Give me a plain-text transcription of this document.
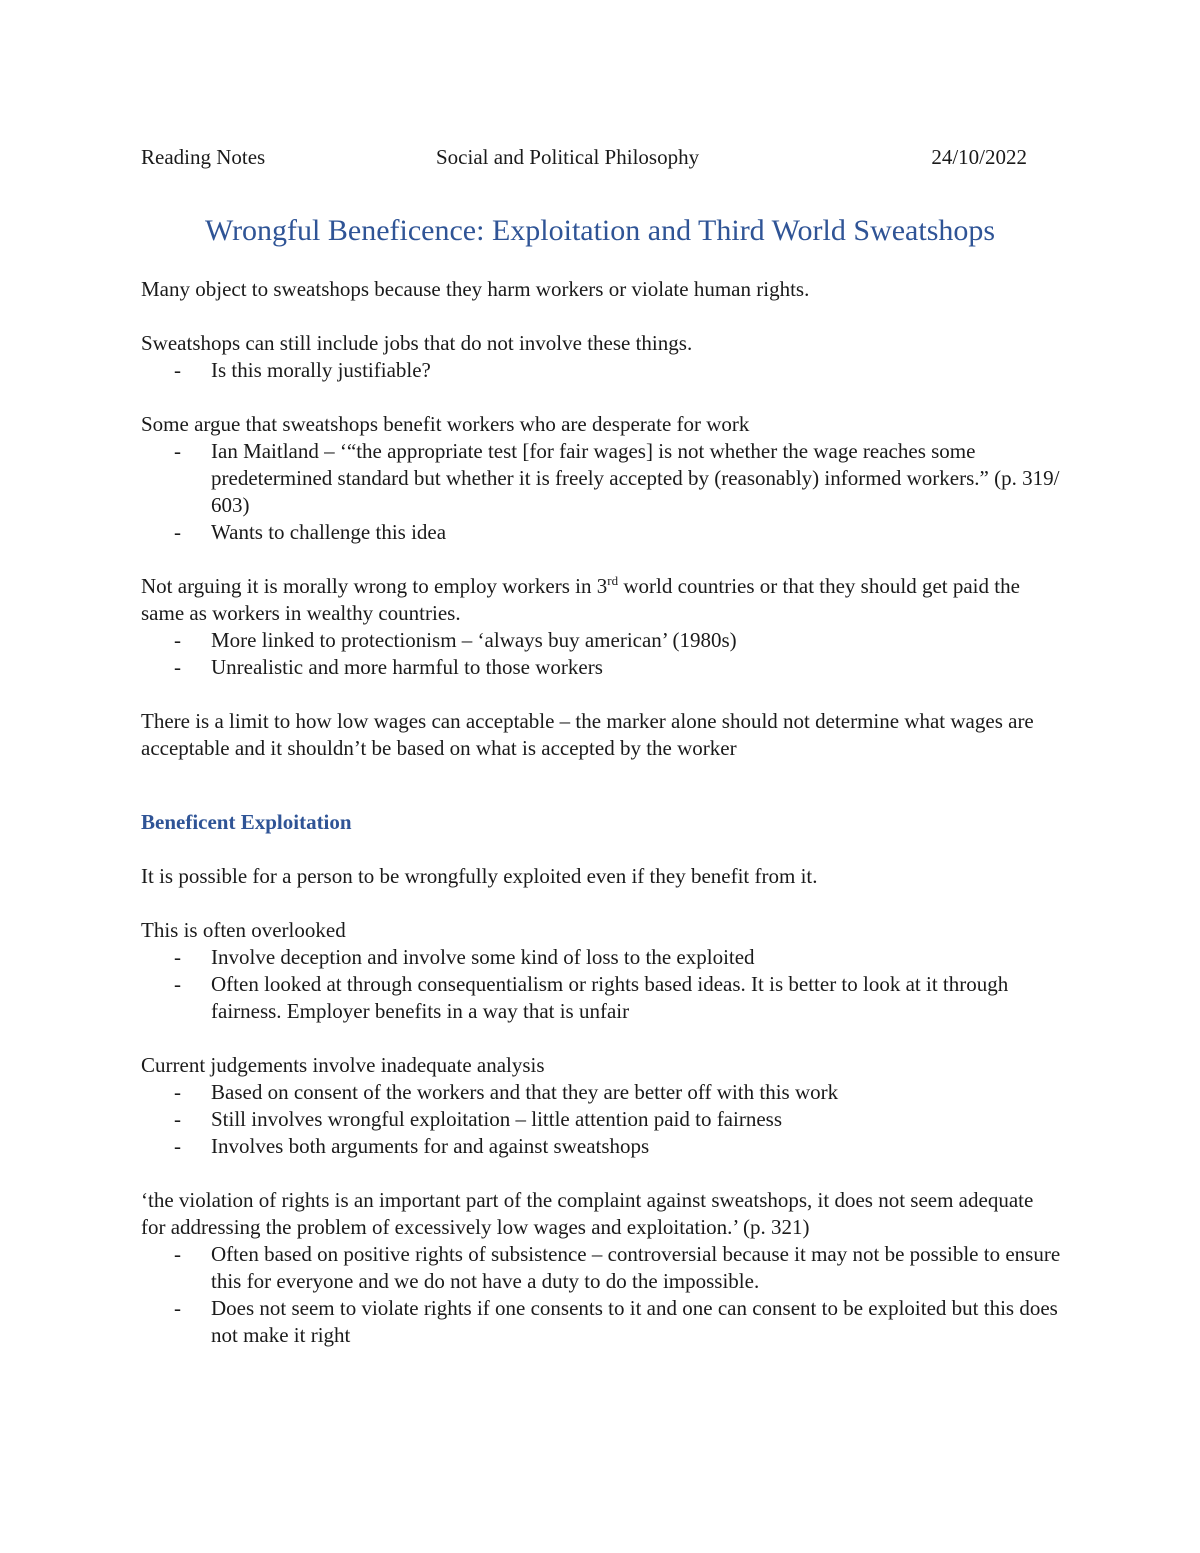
Reading Notes	Social and Political Philosophy	24/10/2022
Wrongful Beneficence: Exploitation and Third World Sweatshops

Many object to sweatshops because they harm workers or violate human rights.

Sweatshops can still include jobs that do not involve these things.

- Is this morally justifiable?

Some argue that sweatshops benefit workers who are desperate for work

- Ian Maitland – ‘“the appropriate test [for fair wages] is not whether the wage reaches some predetermined standard but whether it is freely accepted by (reasonably) informed workers.” (p. 319/ 603)
- Wants to challenge this idea

Not arguing it is morally wrong to employ workers in 3rd world countries or that they should get paid the same as workers in wealthy countries.

- More linked to protectionism – ‘always buy american’ (1980s)
- Unrealistic and more harmful to those workers

There is a limit to how low wages can acceptable – the marker alone should not determine what wages are acceptable and it shouldn’t be based on what is accepted by the worker

Beneficent Exploitation

It is possible for a person to be wrongfully exploited even if they benefit from it.

This is often overlooked

- Involve deception and involve some kind of loss to the exploited
- Often looked at through consequentialism or rights based ideas. It is better to look at it through fairness. Employer benefits in a way that is unfair

Current judgements involve inadequate analysis

- Based on consent of the workers and that they are better off with this work
- Still involves wrongful exploitation – little attention paid to fairness
- Involves both arguments for and against sweatshops

‘the violation of rights is an important part of the complaint against sweatshops, it does not seem adequate for addressing the problem of excessively low wages and exploitation.’ (p. 321)

- Often based on positive rights of subsistence – controversial because it may not be possible to ensure this for everyone and we do not have a duty to do the impossible.
- Does not seem to violate rights if one consents to it and one can consent to be exploited but this does not make it right
